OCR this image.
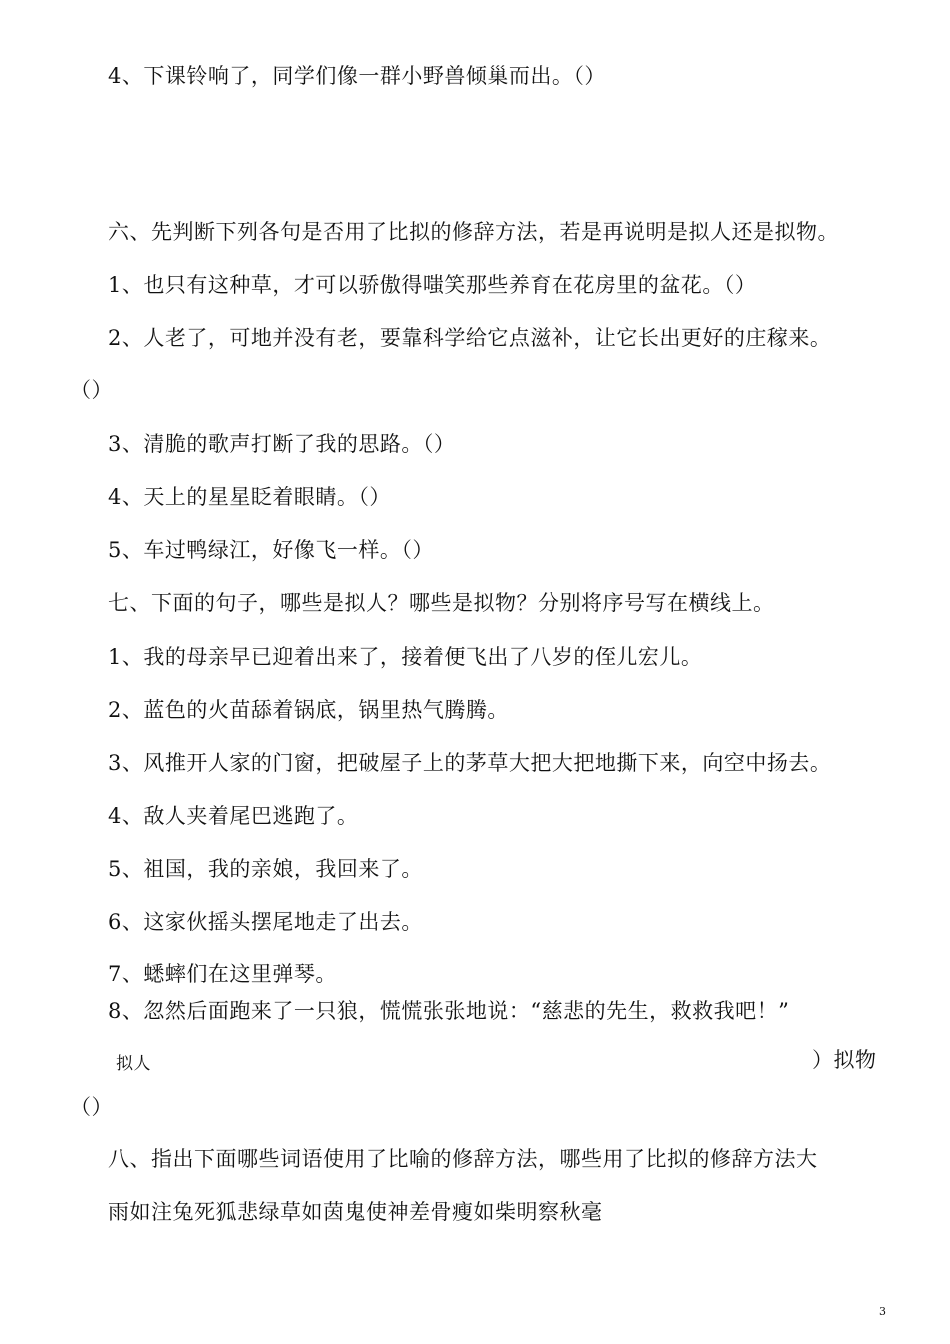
4、下课铃响了，同学们像一群小野兽倾巢而出。（）
六、先判断下列各句是否用了比拟的修辞方法，若是再说明是拟人还是拟物。
1、也只有这种草，才可以骄傲得嗤笑那些养育在花房里的盆花。（）
2、人老了，可地并没有老，要靠科学给它点滋补，让它长出更好的庄稼来。
（）
3、清脆的歌声打断了我的思路。（）
4、天上的星星眨着眼睛。（）
5、车过鸭绿江，好像飞一样。（）
七、下面的句子，哪些是拟人？哪些是拟物？分别将序号写在横线上。
1、我的母亲早已迎着出来了，接着便飞出了八岁的侄儿宏儿。
2、蓝色的火苗舔着锅底，锅里热气腾腾。
3、风推开人家的门窗，把破屋子上的茅草大把大把地撕下来，向空中扬去。
4、敌人夹着尾巴逃跑了。
5、祖国，我的亲娘，我回来了。
6、这家伙摇头摆尾地走了出去。
7、蟋蟀们在这里弹琴。
8、忽然后面跑来了一只狼，慌慌张张地说：“慈悲的先生，救救我吧！”
拟人	）拟物
（）
八、指出下面哪些词语使用了比喻的修辞方法，哪些用了比拟的修辞方法大
雨如注兔死狐悲绿草如茵鬼使神差骨瘦如柴明察秋毫
3
